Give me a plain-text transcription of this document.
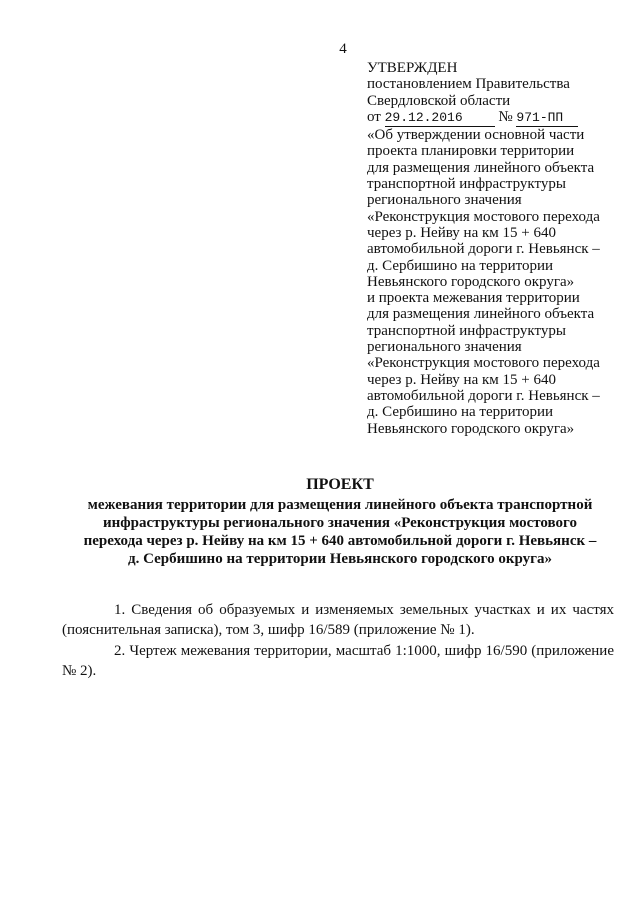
4
УТВЕРЖДЕН
постановлением Правительства
Свердловской области
от 29.12.2016 № 971-ПП
«Об утверждении основной части
проекта планировки территории
для размещения линейного объекта
транспортной инфраструктуры
регионального значения
«Реконструкция мостового перехода
через р. Нейву на км 15 + 640
автомобильной дороги г. Невьянск –
д. Сербишино на территории
Невьянского городского округа»
и проекта межевания территории
для размещения линейного объекта
транспортной инфраструктуры
регионального значения
«Реконструкция мостового перехода
через р. Нейву на км 15 + 640
автомобильной дороги г. Невьянск –
д. Сербишино на территории
Невьянского городского округа»
ПРОЕКТ
межевания территории для размещения линейного объекта транспортной
инфраструктуры регионального значения «Реконструкция мостового
перехода через р. Нейву на км 15 + 640 автомобильной дороги г. Невьянск –
д. Сербишино на территории Невьянского городского округа»

1. Сведения об образуемых и изменяемых земельных участках и их частях (пояснительная записка), том 3, шифр 16/589 (приложение № 1).

2. Чертеж межевания территории, масштаб 1:1000, шифр 16/590 (приложение № 2).
